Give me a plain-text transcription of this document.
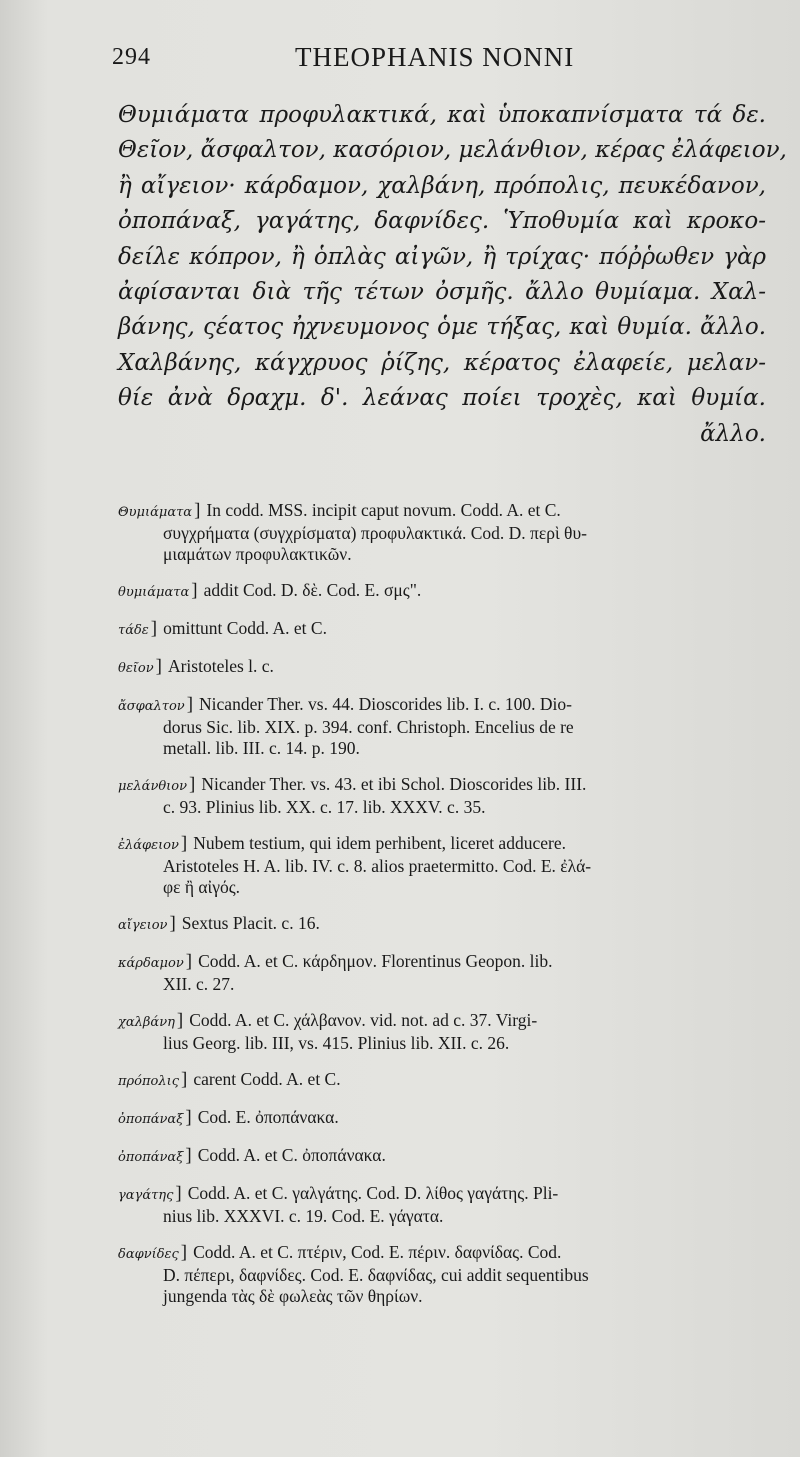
294	THEOPHANIS NONNI
Θυμιάματα προφυλακτικά, καὶ ὑποκαπνίσματα τά δε.
Θεῖον, ἄσφαλτον, κασόριον, μελάνθιον, κέρας ἐλάφειον,
ἢ αἴγειον· κάρδαμον, χαλβάνη, πρόπολις, πευκέδανον,
ὀποπάναξ, γαγάτης, δαφνίδες. Ὑποθυμία καὶ κροκο-
δείλε κόπρον, ἢ ὁπλὰς αἰγῶν, ἢ τρίχας· πόῤῥωθεν γὰρ
ἀφίσανται διὰ τῆς τέτων ὀσμῆς. ἄλλο θυμίαμα. Χαλ-
βάνης, ςέατος ἠχνευμονος ὁμε τήξας, καὶ θυμία. ἄλλο.
Χαλβάνης, κάγχρυος ῥίζης, κέρατος ἐλαφείε, μελαν-
θίε ἀνὰ δραχμ. δ'. λεάνας ποίει τροχὲς, καὶ θυμία.
ἄλλο.
Θυμιάματα ] In codd. MSS. incipit caput novum. Codd. A. et C.
συγχρήματα (συγχρίσματα) προφυλακτικά. Cod. D. περὶ θυ-
μιαμάτων προφυλακτικῶν.
θυμιάματα ] addit Cod. D. δὲ. Cod. E. σμς".
τάδε ] omittunt Codd. A. et C.
θεῖον ] Aristoteles l. c.
ἄσφαλτον ] Nicander Ther. vs. 44. Dioscorides lib. I. c. 100. Dio-
dorus Sic. lib. XIX. p. 394. conf. Christoph. Encelius de re
metall. lib. III. c. 14. p. 190.
μελάνθιον ] Nicander Ther. vs. 43. et ibi Schol. Dioscorides lib. III.
c. 93. Plinius lib. XX. c. 17. lib. XXXV. c. 35.
ἐλάφειον ] Nubem testium, qui idem perhibent, liceret adducere.
Aristoteles H. A. lib. IV. c. 8. alios praetermitto. Cod. E. ἐλά-
φε ἢ αἰγός.
αἴγειον ] Sextus Placit. c. 16.
κάρδαμον ] Codd. A. et C. κάρδημον. Florentinus Geopon. lib.
XII. c. 27.
χαλβάνη ] Codd. A. et C. χάλβανον. vid. not. ad c. 37. Virgi-
lius Georg. lib. III, vs. 415. Plinius lib. XII. c. 26.
πρόπολις ] carent Codd. A. et C.
ὀποπάναξ ] Cod. E. ὀποπάνακα.
ὀποπάναξ ] Codd. A. et C. ὀποπάνακα.
γαγάτης ] Codd. A. et C. γαλγάτης. Cod. D. λίθος γαγάτης. Pli-
nius lib. XXXVI. c. 19. Cod. E. γάγατα.
δαφνίδες ] Codd. A. et C. πτέριν, Cod. E. πέριν. δαφνίδας. Cod.
D. πέπερι, δαφνίδες. Cod. E. δαφνίδας, cui addit sequentibus
jungenda τὰς δὲ φωλεὰς τῶν θηρίων.
